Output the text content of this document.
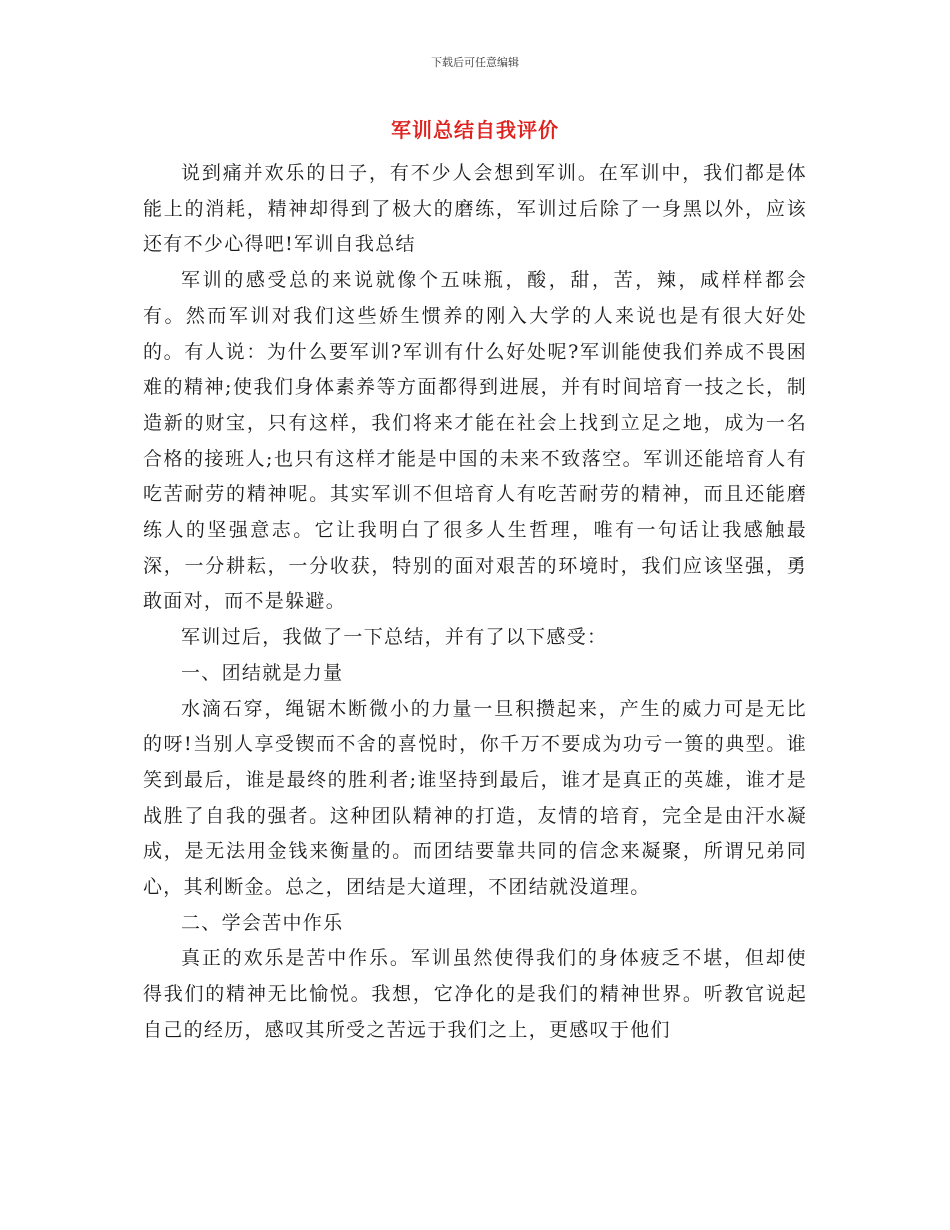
下载后可任意编辑
军训总结自我评价

说到痛并欢乐的日子，有不少人会想到军训。在军训中，我们都是体能上的消耗，精神却得到了极大的磨练，军训过后除了一身黑以外，应该还有不少心得吧!军训自我总结

军训的感受总的来说就像个五味瓶，酸，甜，苦，辣，咸样样都会有。然而军训对我们这些娇生惯养的刚入大学的人来说也是有很大好处的。有人说：为什么要军训?军训有什么好处呢?军训能使我们养成不畏困难的精神;使我们身体素养等方面都得到进展，并有时间培育一技之长，制造新的财宝，只有这样，我们将来才能在社会上找到立足之地，成为一名合格的接班人;也只有这样才能是中国的未来不致落空。军训还能培育人有吃苦耐劳的精神呢。其实军训不但培育人有吃苦耐劳的精神，而且还能磨练人的坚强意志。它让我明白了很多人生哲理，唯有一句话让我感触最深，一分耕耘，一分收获，特别的面对艰苦的环境时，我们应该坚强，勇敢面对，而不是躲避。

军训过后，我做了一下总结，并有了以下感受：

一、团结就是力量

水滴石穿，绳锯木断微小的力量一旦积攒起来，产生的威力可是无比的呀!当别人享受锲而不舍的喜悦时，你千万不要成为功亏一篑的典型。谁笑到最后，谁是最终的胜利者;谁坚持到最后，谁才是真正的英雄，谁才是战胜了自我的强者。这种团队精神的打造，友情的培育，完全是由汗水凝成，是无法用金钱来衡量的。而团结要靠共同的信念来凝聚，所谓兄弟同心，其利断金。总之，团结是大道理，不团结就没道理。

二、学会苦中作乐

真正的欢乐是苦中作乐。军训虽然使得我们的身体疲乏不堪，但却使得我们的精神无比愉悦。我想，它净化的是我们的精神世界。听教官说起自己的经历，感叹其所受之苦远于我们之上，更感叹于他们
